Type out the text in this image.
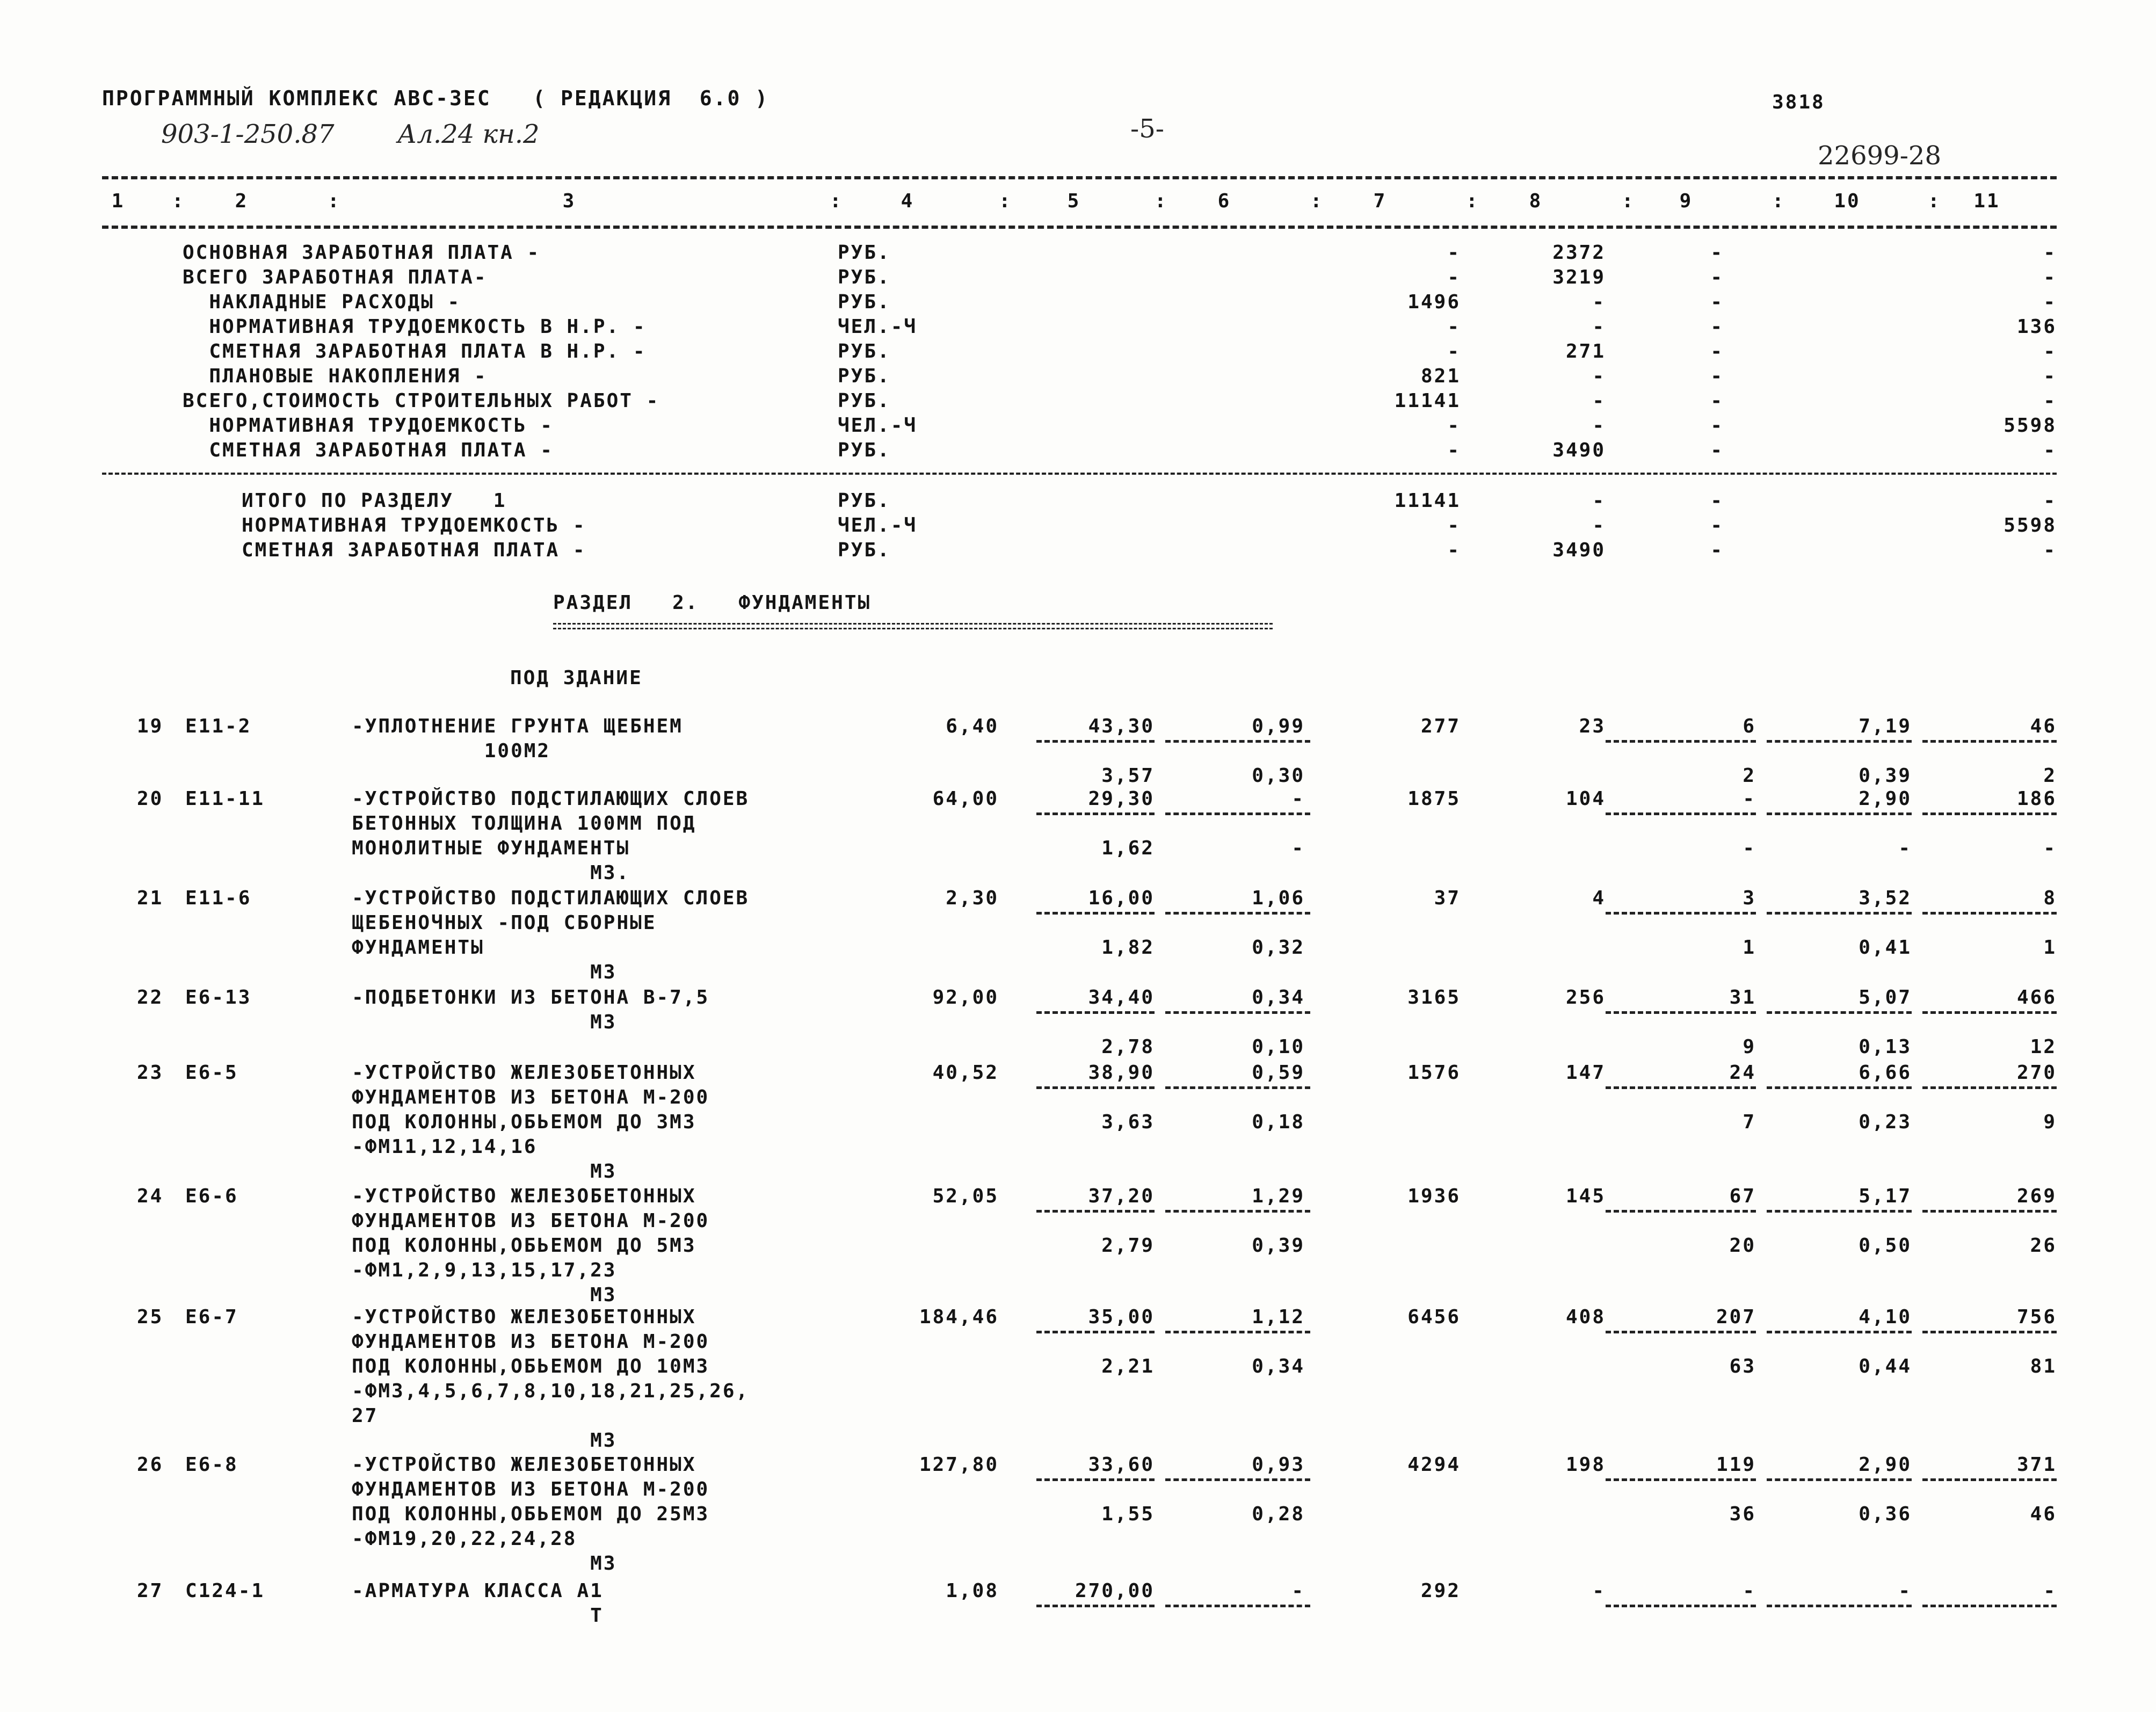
ПРОГРАММНЫЙ КОМПЛЕКС АВС-ЗЕС   ( РЕДАКЦИЯ  6.0 )
903-1-250.87 Ал.24 кн.2	-5-
3818
22699-28
1	2	3	4	5	6	7	8	9	10	11
:	:	:	:	:	:	:	:	:	:
ОСНОВНАЯ ЗАРАБОТНАЯ ПЛАТА -	РУБ.	-	2372	-	-
ВСЕГО ЗАРАБОТНАЯ ПЛАТА-	РУБ.	-	3219	-	-
НАКЛАДНЫЕ РАСХОДЫ -	РУБ.	1496	-	-	-
НОРМАТИВНАЯ ТРУДОЕМКОСТЬ В Н.Р. -	ЧЕЛ.-Ч	-	-	-	136
СМЕТНАЯ ЗАРАБОТНАЯ ПЛАТА В Н.Р. -	РУБ.	-	271	-	-
ПЛАНОВЫЕ НАКОПЛЕНИЯ -	РУБ.	821	-	-	-
ВСЕГО,СТОИМОСТЬ СТРОИТЕЛЬНЫХ РАБОТ -	РУБ.	11141	-	-	-
НОРМАТИВНАЯ ТРУДОЕМКОСТЬ -	ЧЕЛ.-Ч	-	-	-	5598
СМЕТНАЯ ЗАРАБОТНАЯ ПЛАТА -	РУБ.	-	3490	-	-
ИТОГО ПО РАЗДЕЛУ   1	РУБ.	11141	-	-	-
НОРМАТИВНАЯ ТРУДОЕМКОСТЬ -	ЧЕЛ.-Ч	-	-	-	5598
СМЕТНАЯ ЗАРАБОТНАЯ ПЛАТА -	РУБ.	-	3490	-	-
РАЗДЕЛ   2.   ФУНДАМЕНТЫ
ПОД ЗДАНИЕ
19 Е11-2	-УПЛОТНЕНИЕ ГРУНТА ЩЕБНЕМ
100М2
6,40	43,30	0,99	277	23	6	7,19	46
3,57	0,30	2	0,39	2
20 Е11-11	-УСТРОЙСТВО ПОДСТИЛАЮЩИХ СЛОЕВ
БЕТОННЫХ ТОЛЩИНА 100ММ ПОД
МОНОЛИТНЫЕ ФУНДАМЕНТЫ
М3.
64,00	29,30	-	1875	104	-	2,90	186
1,62	-	-	-	-
21 Е11-6	-УСТРОЙСТВО ПОДСТИЛАЮЩИХ СЛОЕВ
ЩЕБЕНОЧНЫХ -ПОД СБОРНЫЕ
ФУНДАМЕНТЫ
М3
2,30	16,00	1,06	37	4	3	3,52	8
1,82	0,32	1	0,41	1
22 Е6-13	-ПОДБЕТОНКИ ИЗ БЕТОНА В-7,5
М3
92,00	34,40	0,34	3165	256	31	5,07	466
2,78	0,10	9	0,13	12
23 Е6-5	-УСТРОЙСТВО ЖЕЛЕЗОБЕТОННЫХ
ФУНДАМЕНТОВ ИЗ БЕТОНА М-200
ПОД КОЛОННЫ,ОБЬЕМОМ ДО 3М3
-ФМ11,12,14,16
М3
40,52	38,90	0,59	1576	147	24	6,66	270
3,63	0,18	7	0,23	9
24 Е6-6	-УСТРОЙСТВО ЖЕЛЕЗОБЕТОННЫХ
ФУНДАМЕНТОВ ИЗ БЕТОНА М-200
ПОД КОЛОННЫ,ОБЬЕМОМ ДО 5М3
-ФМ1,2,9,13,15,17,23
М3
52,05	37,20	1,29	1936	145	67	5,17	269
2,79	0,39	20	0,50	26
25 Е6-7	-УСТРОЙСТВО ЖЕЛЕЗОБЕТОННЫХ
ФУНДАМЕНТОВ ИЗ БЕТОНА М-200
ПОД КОЛОННЫ,ОБЬЕМОМ ДО 10М3
-ФМ3,4,5,6,7,8,10,18,21,25,26,
27
М3
184,46	35,00	1,12	6456	408	207	4,10	756
2,21	0,34	63	0,44	81
26 Е6-8	-УСТРОЙСТВО ЖЕЛЕЗОБЕТОННЫХ
ФУНДАМЕНТОВ ИЗ БЕТОНА М-200
ПОД КОЛОННЫ,ОБЬЕМОМ ДО 25М3
-ФМ19,20,22,24,28
М3
127,80	33,60	0,93	4294	198	119	2,90	371
1,55	0,28	36	0,36	46
27 С124-1	-АРМАТУРА КЛАССА А1
Т
1,08	270,00	-	292	-	-	-	-
